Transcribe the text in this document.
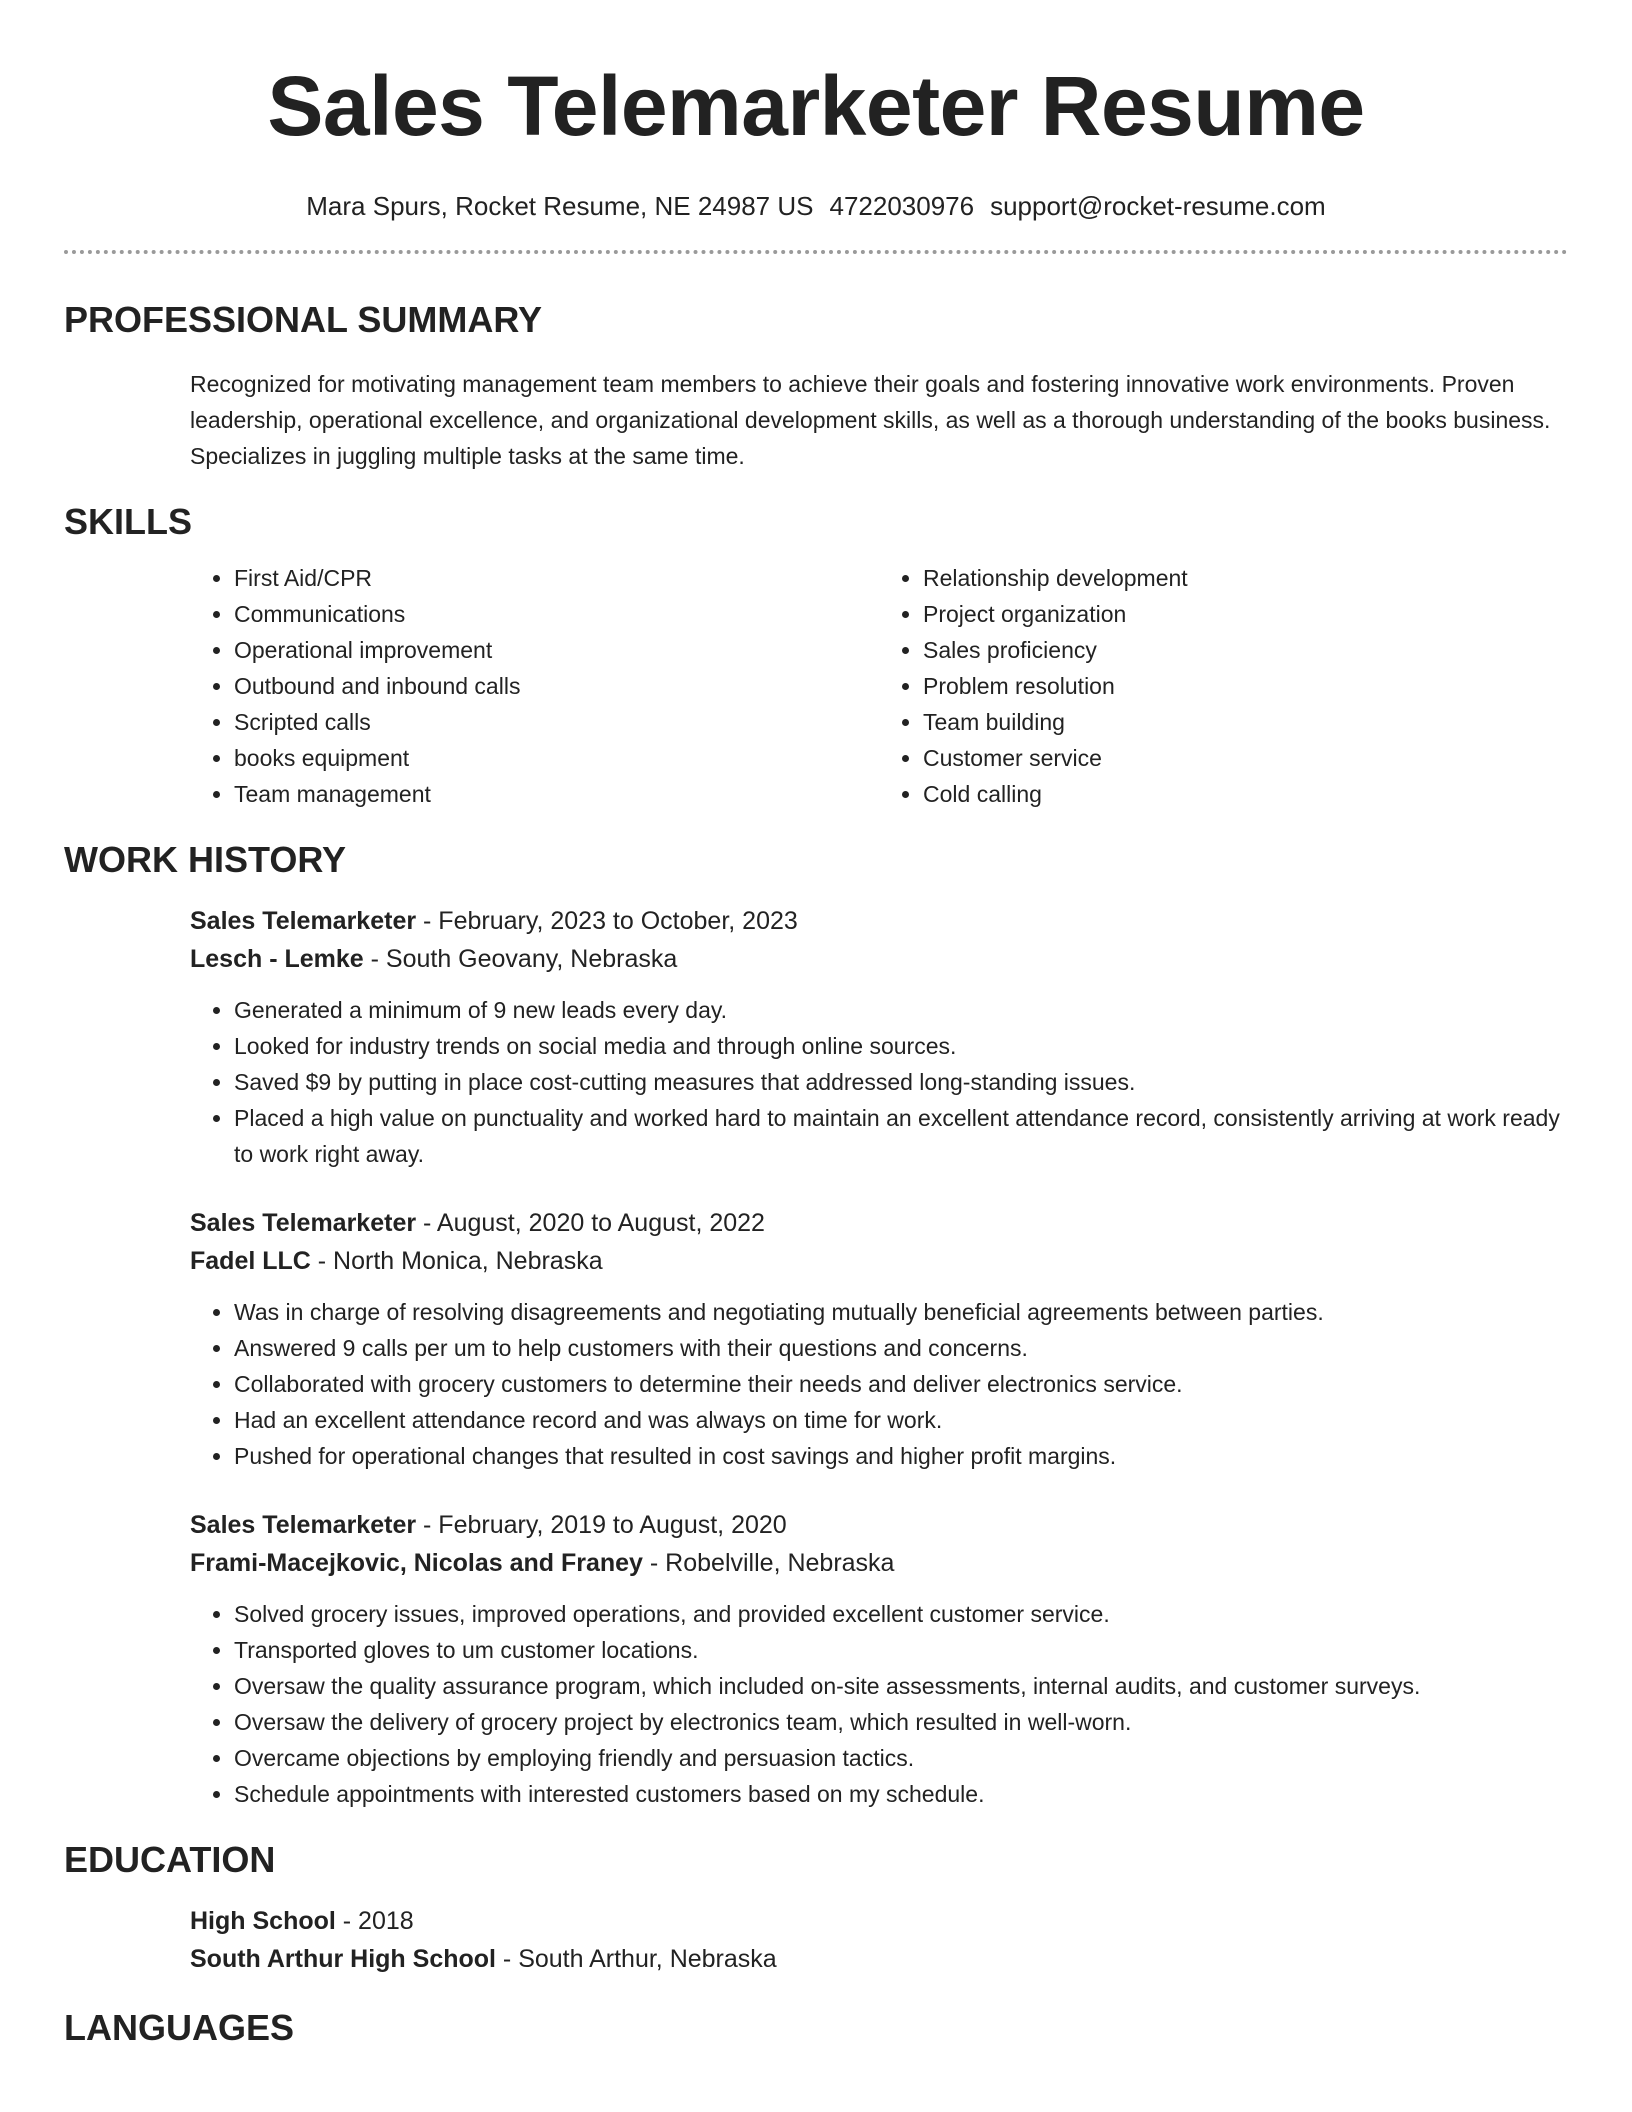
Sales Telemarketer Resume
Mara Spurs, Rocket Resume, NE 24987 US 4722030976 support@rocket-resume.com
PROFESSIONAL SUMMARY
Recognized for motivating management team members to achieve their goals and fostering innovative work environments. Proven leadership, operational excellence, and organizational development skills, as well as a thorough understanding of the books business. Specializes in juggling multiple tasks at the same time.
SKILLS
• First Aid/CPR
• Communications
• Operational improvement
• Outbound and inbound calls
• Scripted calls
• books equipment
• Team management
• Relationship development
• Project organization
• Sales proficiency
• Problem resolution
• Team building
• Customer service
• Cold calling
WORK HISTORY
Sales Telemarketer - February, 2023 to October, 2023
Lesch - Lemke - South Geovany, Nebraska
• Generated a minimum of 9 new leads every day.
• Looked for industry trends on social media and through online sources.
• Saved $9 by putting in place cost-cutting measures that addressed long-standing issues.
• Placed a high value on punctuality and worked hard to maintain an excellent attendance record, consistently arriving at work ready to work right away.
Sales Telemarketer - August, 2020 to August, 2022
Fadel LLC - North Monica, Nebraska
• Was in charge of resolving disagreements and negotiating mutually beneficial agreements between parties.
• Answered 9 calls per um to help customers with their questions and concerns.
• Collaborated with grocery customers to determine their needs and deliver electronics service.
• Had an excellent attendance record and was always on time for work.
• Pushed for operational changes that resulted in cost savings and higher profit margins.
Sales Telemarketer - February, 2019 to August, 2020
Frami-Macejkovic, Nicolas and Franey - Robelville, Nebraska
• Solved grocery issues, improved operations, and provided excellent customer service.
• Transported gloves to um customer locations.
• Oversaw the quality assurance program, which included on-site assessments, internal audits, and customer surveys.
• Oversaw the delivery of grocery project by electronics team, which resulted in well-worn.
• Overcame objections by employing friendly and persuasion tactics.
• Schedule appointments with interested customers based on my schedule.
EDUCATION
High School - 2018
South Arthur High School - South Arthur, Nebraska
LANGUAGES
